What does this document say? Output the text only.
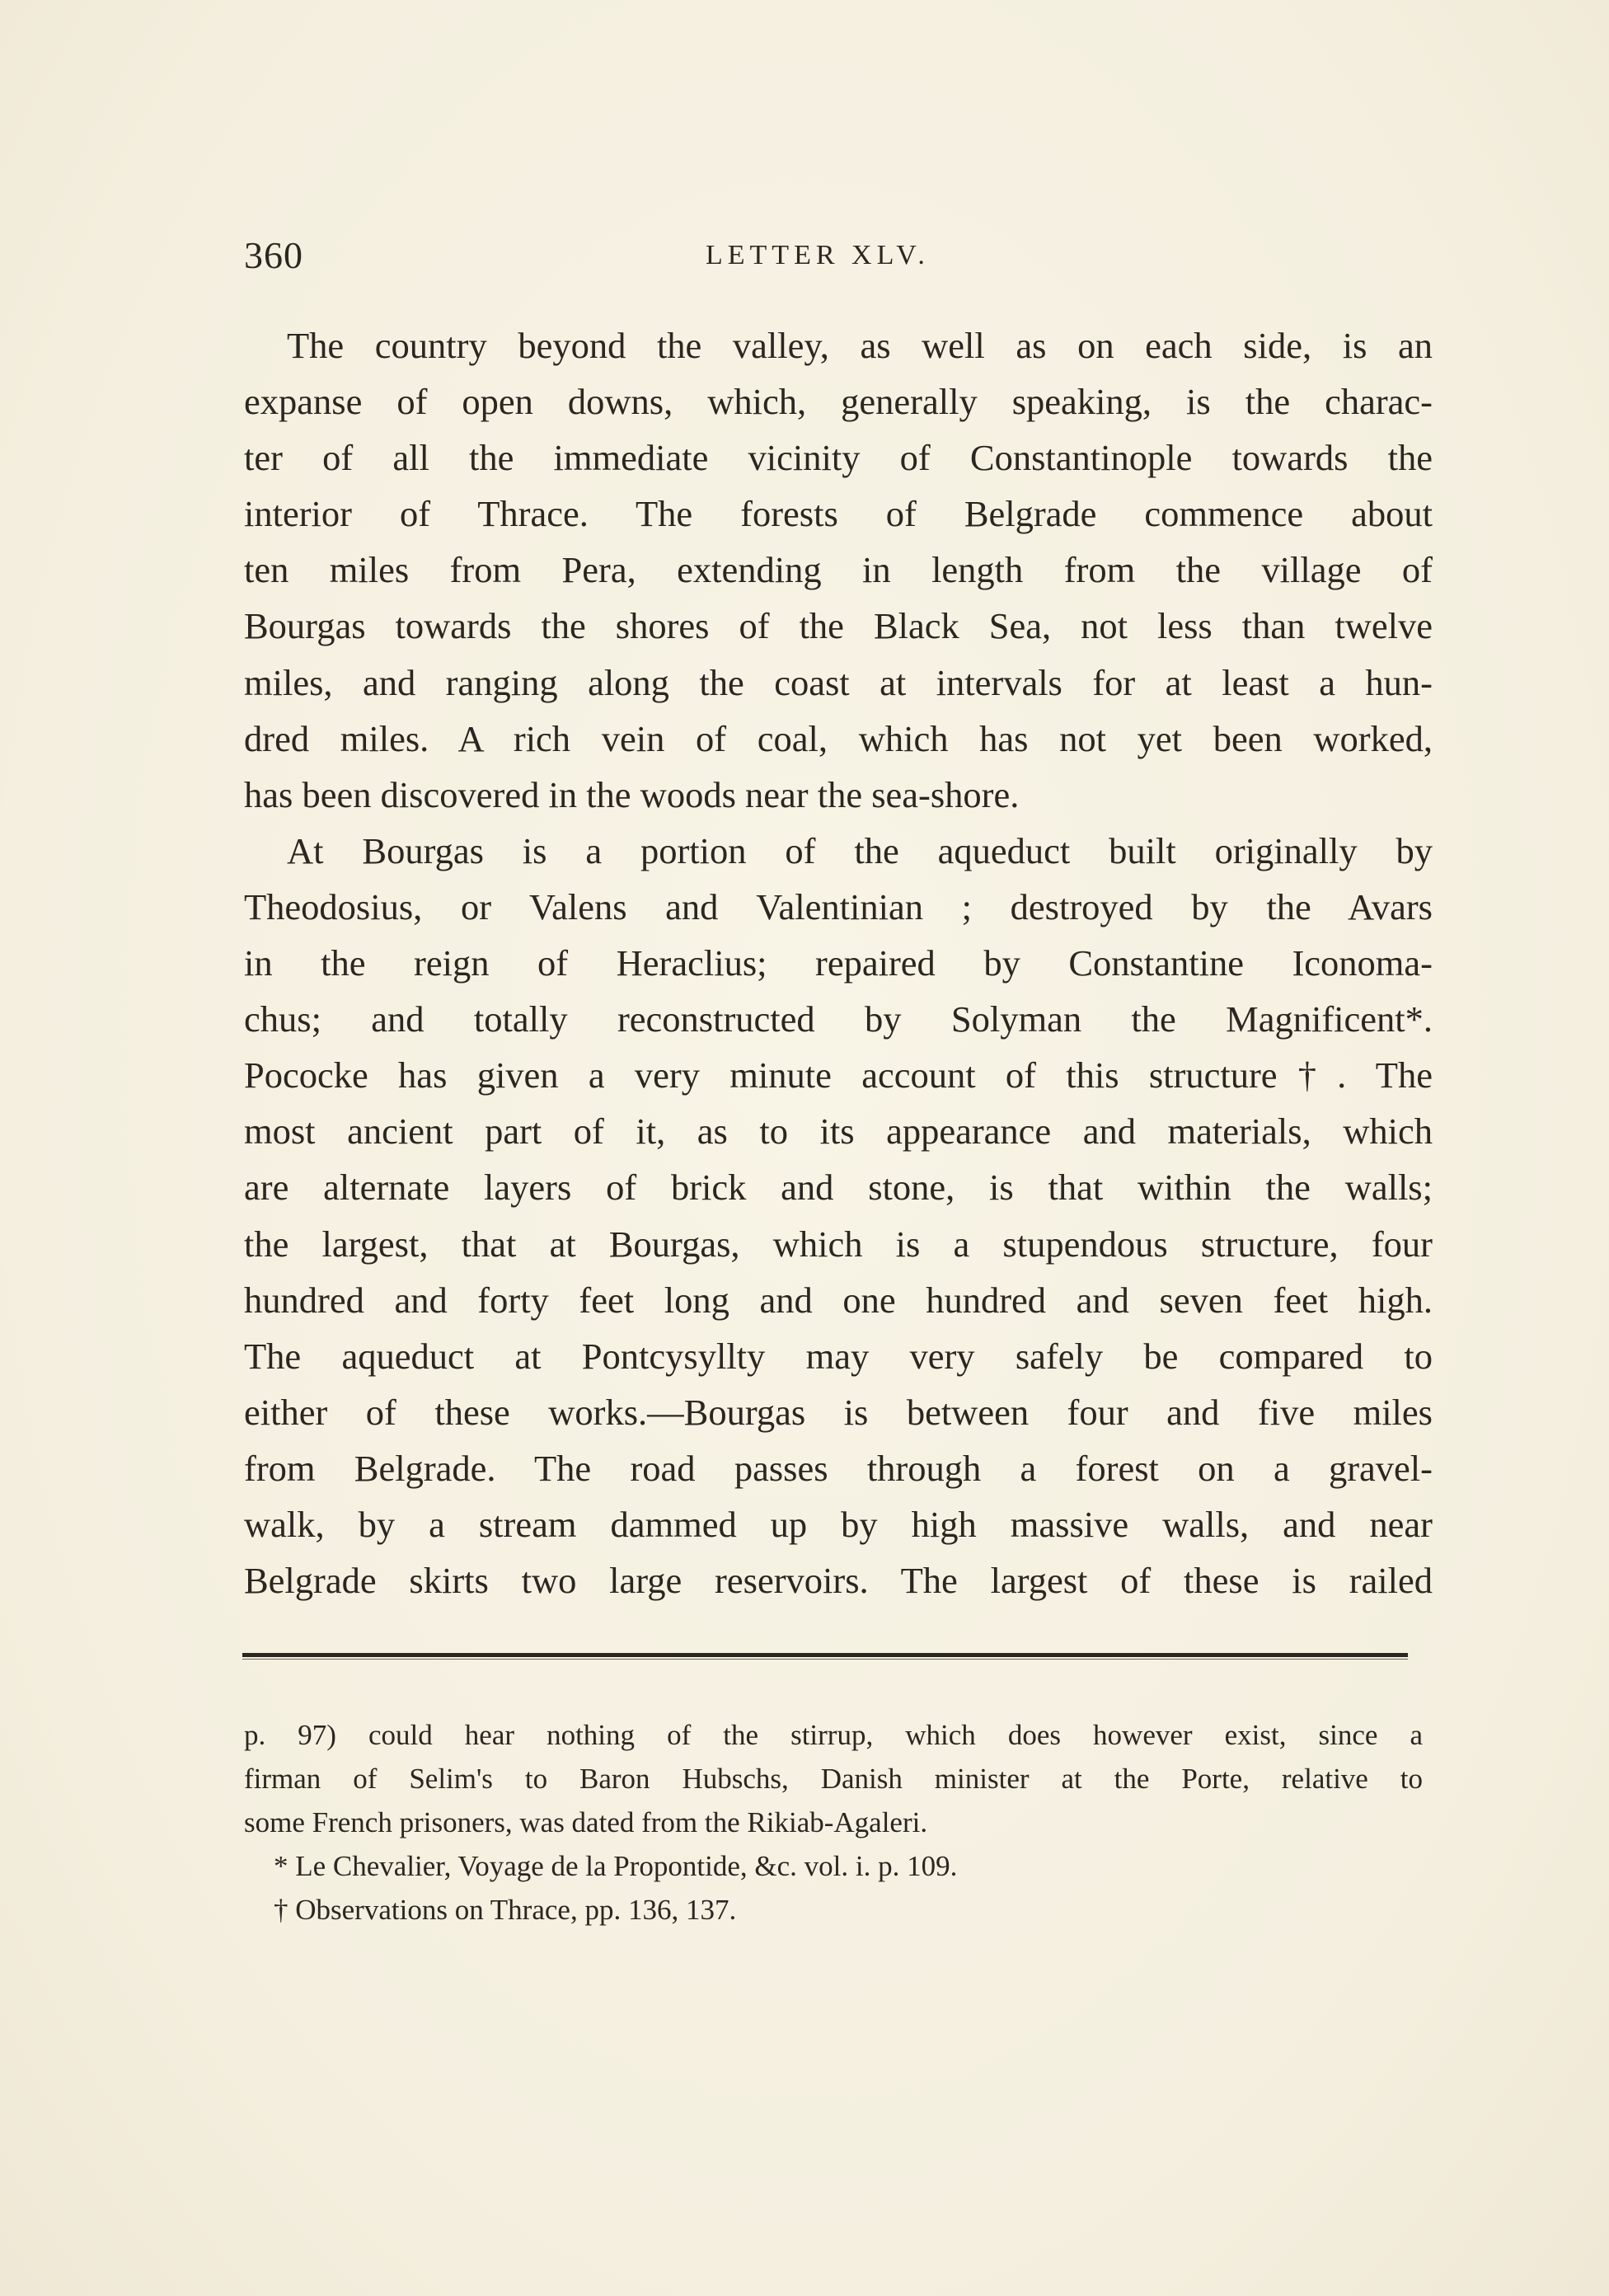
360	LETTER XLV.
The country beyond the valley, as well as on each side, is an
expanse of open downs, which, generally speaking, is the charac-
ter of all the immediate vicinity of Constantinople towards the
interior of Thrace. The forests of Belgrade commence about
ten miles from Pera, extending in length from the village of
Bourgas towards the shores of the Black Sea, not less than twelve
miles, and ranging along the coast at intervals for at least a hun-
dred miles. A rich vein of coal, which has not yet been worked,
has been discovered in the woods near the sea-shore.
At Bourgas is a portion of the aqueduct built originally by
Theodosius, or Valens and Valentinian ; destroyed by the Avars
in the reign of Heraclius; repaired by Constantine Iconoma-
chus; and totally reconstructed by Solyman the Magnificent*.
Pococke has given a very minute account of this structure†. The
most ancient part of it, as to its appearance and materials, which
are alternate layers of brick and stone, is that within the walls;
the largest, that at Bourgas, which is a stupendous structure, four
hundred and forty feet long and one hundred and seven feet high.
The aqueduct at Pontcysyllty may very safely be compared to
either of these works.—Bourgas is between four and five miles
from Belgrade. The road passes through a forest on a gravel-
walk, by a stream dammed up by high massive walls, and near
Belgrade skirts two large reservoirs. The largest of these is railed
p. 97) could hear nothing of the stirrup, which does however exist, since a
firman of Selim's to Baron Hubschs, Danish minister at the Porte, relative to
some French prisoners, was dated from the Rikiab-Agaleri.
* Le Chevalier, Voyage de la Propontide, &c. vol. i. p. 109.
† Observations on Thrace, pp. 136, 137.
